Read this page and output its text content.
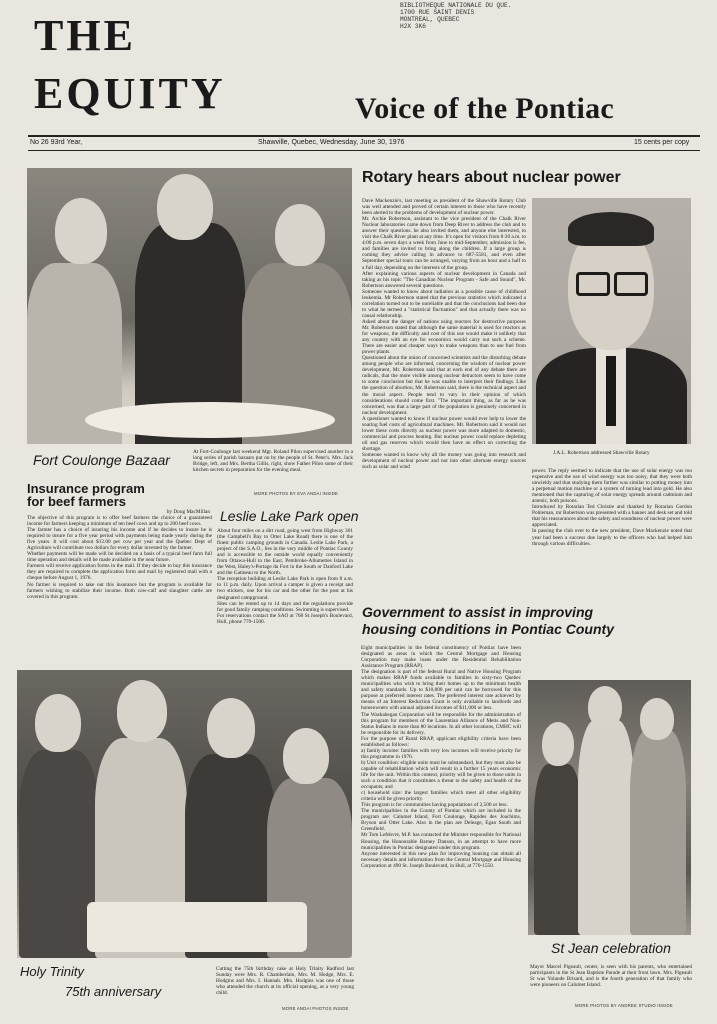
BIBLIOTHEQUE NATIONALE DU QUE.
1700 RUE SAINT DENIS
MONTREAL, QUEBEC
H2X 3K6
THE
EQUITY	Voice of the Pontiac
No 26 93rd Year,	Shawville, Quebec, Wednesday, June 30, 1976	15 cents per copy
Fort Coulonge Bazaar	At Fort-Coulonge last weekend Mgr. Roland Pilon supervised another in a long series of parish bazaars put on by the people of St. Peter's. Mrs. Jack Bridge, left, and Mrs. Bertha Gillis, right, show Father Pilon some of their kitchen secrets in preparation for the evening meal.
MORE PHOTOS BY EVA ANDAI INSIDE
Insurance program
for beef farmers
by Doug MacMillan
The objective of this program is to offer beef farmers the choice of a guaranteed income for farmers keeping a minimum of ten beef cows and up to 200 beef cows.
The farmer has a choice of insuring his income and if he decides to insure he is required to insure for a five year period with payments being made yearly during the five years. It will cost about $12.00 per cow per year and the Quebec Dept of Agriculture will contribute two dollars for every dollar invested by the farmer.
Whether payments will be made will be decided on a basis of a typical beef farm full time operation and details will be made available in the near future.
Farmers will receive application forms in the mail. If they decide to buy this insurance they are required to complete the application form and mail by registered mail with a cheque before August 1, 1976.
No farmer is required to take out this insurance but the program is available for farmers wishing to stabilize their income. Both cow-calf and slaughter cattle are covered in this program.
Leslie Lake Park open
About four miles on a dirt road, going west from Highway 301 (the Campbell's Bay to Otter Lake Road) there is one of the finest public camping grounds in Canada. Leslie Lake Park, a project of the S.A.O., lies in the very middle of Pontiac County and is accessible to the outside world equally conveniently from Ottawa-Hull in the East, Pembroke-Allumettes Island in the West, Haley's-Portage du Fort in the South or Danford Lake and the Gatineau to the North.
The reception building at Leslie Lake Park is open from 8 a.m. to 11 p.m. daily. Upon arrival a camper is given a receipt and two stickers, one for his car and the other for the post at his designated campground.
Sites can be rented up to 14 days and the regulations provide for good family camping conditions. Swimming is supervised.
For reservations contact the SAO at 768 St Joseph's Boulevard, Hull, phone 770-1500.
Holy Trinity
75th anniversary
Cutting the 75th birthday cake at Holy Trinity Radford last Sunday were Mrs. R. Chamberlain, Mrs. M. Hodge, Mrs. E. Hodgins and Mrs. I. Hannah. Mrs. Hodgins was one of those who attended the church at its official opening, as a very young child.
MORE ANDAI PHOTOS INSIDE
Rotary hears about nuclear power
Dave Mackenzie's, last meeting as president of the Shawville Rotary Club was well attended and proved of certain interest to those who have recently been alerted to the problems of development of nuclear power.
Mr. Archie Robertson, assistant to the vice president of the Chalk River Nuclear laboratories came down from Deep River to address the club and to answer their questions. he also invited them, and anyone else interested, to visit the Chalk River plant at any time. It's open for visitors from 8:30 a.m. to 4:00 p.m. seven days a week from June to mid-September, admission is fee, and families are invited to bring along the children. If a large group is coming they advise calling in advance to 687-5581, and even after September special tours can be arranged, varying from an hour and a half to a full day, depending on the interests of the group.
After explaining various aspects of nuclear development in Canada and taking as his topic "The Canadian Nuclear Program - Safe and Sound", Mr. Robertson answered several questions.
Someone wanted to know about radiation as a possible cause of childhood leukemia. Mr Robertson stated that the previous statistics which indicated a correlation turned out to be unreliable and that the conclusions had been due to what he termed a "statistical fluctuation" and that actually there was no causal relationship.
Asked about the danger of nations using reactors for destructive purposes Mr. Robertson stated that although the same material is used for reactors as for weapons, the difficulty and cost of this use would make it unlikely that any country with an eye for economics would carry out such a scheme. There are easier and cheaper ways to make weapons than to use fuel from power plants.
Questioned about the union of concerned scientists and the disturbing debate among people who are informed, concerning the wisdom of nuclear power development, Mr. Robertson said that at each end of any debate there are radicals, that the more visible among nuclear detractors seem to have come to some conclusion but that he was unable to interpret their findings. Like the question of abortion, Mr. Robertson said, there is the technical aspect and the moral aspect. People tend to vary in their opinion of which considerations should come first. "The important thing, as far as he was concerned, was that a large part of the population is genuinely concerned in nuclear development.
A questioner wanted to know if nuclear power would ever help to lower the soaring fuel costs of agricultural machines. Mr. Robertson said it would not lower these costs directly as nuclear power was more adapted to domestic, commercial and process heating. But nuclear power could replace depleting oil and gas reserves which would then have an effect on correcting the shortage.
Someone wanted to know why all the money was going into research and development of nuclear power and not into other alternate energy sources such as solar and wind
J.A.L. Robertson addressed Shawville Rotary
power. The reply seemed to indicate that the use of solar energy was too expensive and the use of wind energy was too noisy, that they were both unwieldy and that studying them further was similar to putting money into a perpetual motion machine or a system of turning lead into gold. He also mentioned that the capturing of solar energy spreads around cadmium and arsenic, both poisons.
Introduced by Rotarian Ted Christie and thanked by Rotarian Gordon Pohleman, mr Robertson was presented with a banner and desk set and told that his reassurances about the safety and soundness of nuclear power were appreciated.
In passing the club over to the new president, Dave Mackenzie noted that year had been a success due largely to the officers who had helped him through various difficulties.
Government to assist in improving
housing conditions in Pontiac County
Eight municipalities in the federal constituency of Pontiac have been designated as areas in which the Central Mortgage and Housing Corporation may make loans under the Residential Rehabilitation Assistance Program (RRAP).
The designation is part of the federal Rural and Native Housing Program which makes RRAP funds available to families in sixty-two Quebec municipalities who wish to bring their homes up to the minimum health and safety standards. Up to $10,000 per unit can be borrowed for this purpose at preferred interest rates. The preferred interest rate achieved by means of an Interest Reduction Grant is only available to landlords and homeowners with annual adjusted incomes of $11,000 or less.
The Waskahegan Corporation will be responsible for the administration of this program for members of the Laurentian Alliance of Metis and Non-Status Indians in more than 80 locations. In all other locations, CMHC will be responsible for its delivery.
For the purpose of Rural RRAP, applicant eligibility criteria have been established as follows:
a) family income: families with very low incomes will receive priority for this programme in 1976.
b) Unit condition: eligible units must be substandard, but they must also be capable of rehabilitation which will result in a further 15 years economic life for the unit. Within this context, priority will be given to those units in such a condition that it constitutes a threat to the safety and health of the occupants; and
c) household size: the largest families which meet all other eligibility criteria will be given priority.
This program is for communities having populations of 2,500 or less.
The municipalities in the County of Pontiac which are included in the program are: Calumet Island, Fort Coulonge, Rapides des Joachims, Bryson and Otter Lake. Also in the plan are Deleage, Egan South and Greenfield.
Mr Tom Lefebvre, M.P. has contacted the Minister responsible for National Housing, the Honourable Barney Danson, in an attempt to have more municipalities in Pontiac designated under this program.
Anyone interested in this new plan for improving housing can obtain all necessary details and information from the Central Mortgage and Housing Corporation at 490 St. Joseph Boulevard, in Hull, at 770-1550.
St Jean celebration
Mayor Marcel Pigeault, center, is seen with his parents, who entertained participants in the St Jean Baptiste Parade at their front lawn. Mrs. Pigeault Sr was Yolande Brisard, and is the fourth generation of that family who were pioneers on Calumet Island.
MORE PHOTOS BY ANDREE STUDIO INSIDE
